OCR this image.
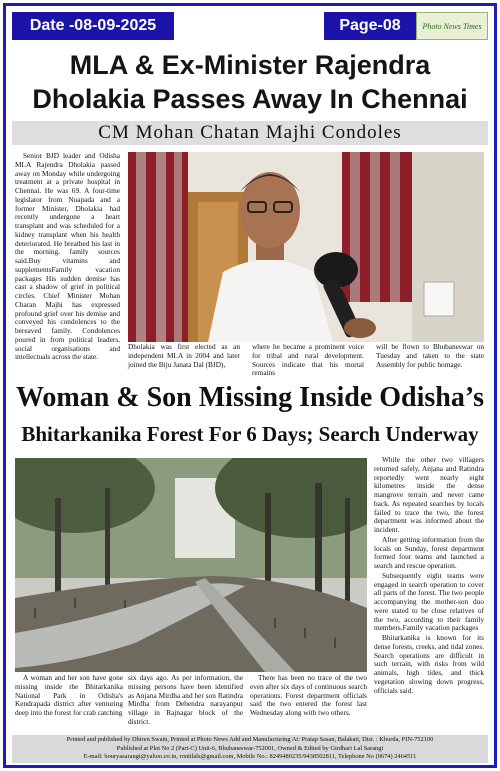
Date -08-09-2025	Page-08	Photo News Times
MLA & Ex-Minister Rajendra
Dholakia Passes Away In Chennai
CM Mohan Chatan Majhi Condoles
Senior BJD leader and Odisha MLA Rajendra Dholakia passed away on Monday while undergoing treatment at a private hospital in Chennai. He was 69. A four-time legislator from Nuapada and a former Minister, Dholakia had recently undergone a heart transplant and was scheduled for a kidney transplant when his health deteriorated. He breathed his last in the morning, family sources said.Buy vitamins and supplementsFamily vacation packages His sudden demise has cast a shadow of grief in political circles. Chief Minister Mohan Charan Majhi has expressed profound grief over his demise and conveyed his condolences to the bereaved family. Condolences poured in from political leaders, social organisations and intellectuals across the state.
Dholakia was first elected as an independent MLA in 2004 and later joined the Biju Janata Dal (BJD),
where he became a prominent voice for tribal and rural development. Sources indicate that his mortal remains
will be flown to Bhubaneswar on Tuesday and taken to the state Assembly for public homage.
Woman & Son Missing Inside Odisha’s
Bhitarkanika Forest For 6 Days; Search Underway

While the other two villagers returned safely, Anjana and Ratindra reportedly went nearly eight kilometres inside the dense mangrove terrain and never came back. As repeated searches by locals failed to trace the two, the forest department was informed about the incident.

After getting information from the locals on Sunday, forest department formed four teams and launched a search and rescue operation.

Subsequently eight teams were engaged in search operation to cover all parts of the forest. The two people accompanying the mother-son duo were stated to be close relatives of the two, according to their family members.Family vacation packages

Bhitarkanika is known for its dense forests, creeks, and tidal zones. Search operations are difficult in such terrain, with risks from wild animals, high tides, and thick vegetation slowing down progress, officials said.

A woman and her son have gone missing inside the Bhitarkanika National Park in Odisha's Kendrapada district after venturing deep into the forest for crab catching
six days ago. As per information, the missing persons have been identified as Anjana Mirdha and her son Ratindra Mirdha from Debendra narayanpur village in Rajnagar block of the district.
There has been no trace of the two even after six days of continuous search operations. Forest department officials said the two entered the forest last Wednesday along with two others.
Printed and published by Dhiren Swain, Printed at Photo News Add and Manufacturing At: Pratap Sasan, Balakati, Dist. : Khurda, PIN-752100
Published at Plot No 2 (Part-C) Unit-6, Bhubaneswar-752001, Owned & Edited by Girdhari Lal Sarangi
E-mail: bouryasarangi@yahoo.co.in, ronitlals@gmail.com, Mobile No.: 8249480235/9438502811, Telephone No (0674) 2464511
